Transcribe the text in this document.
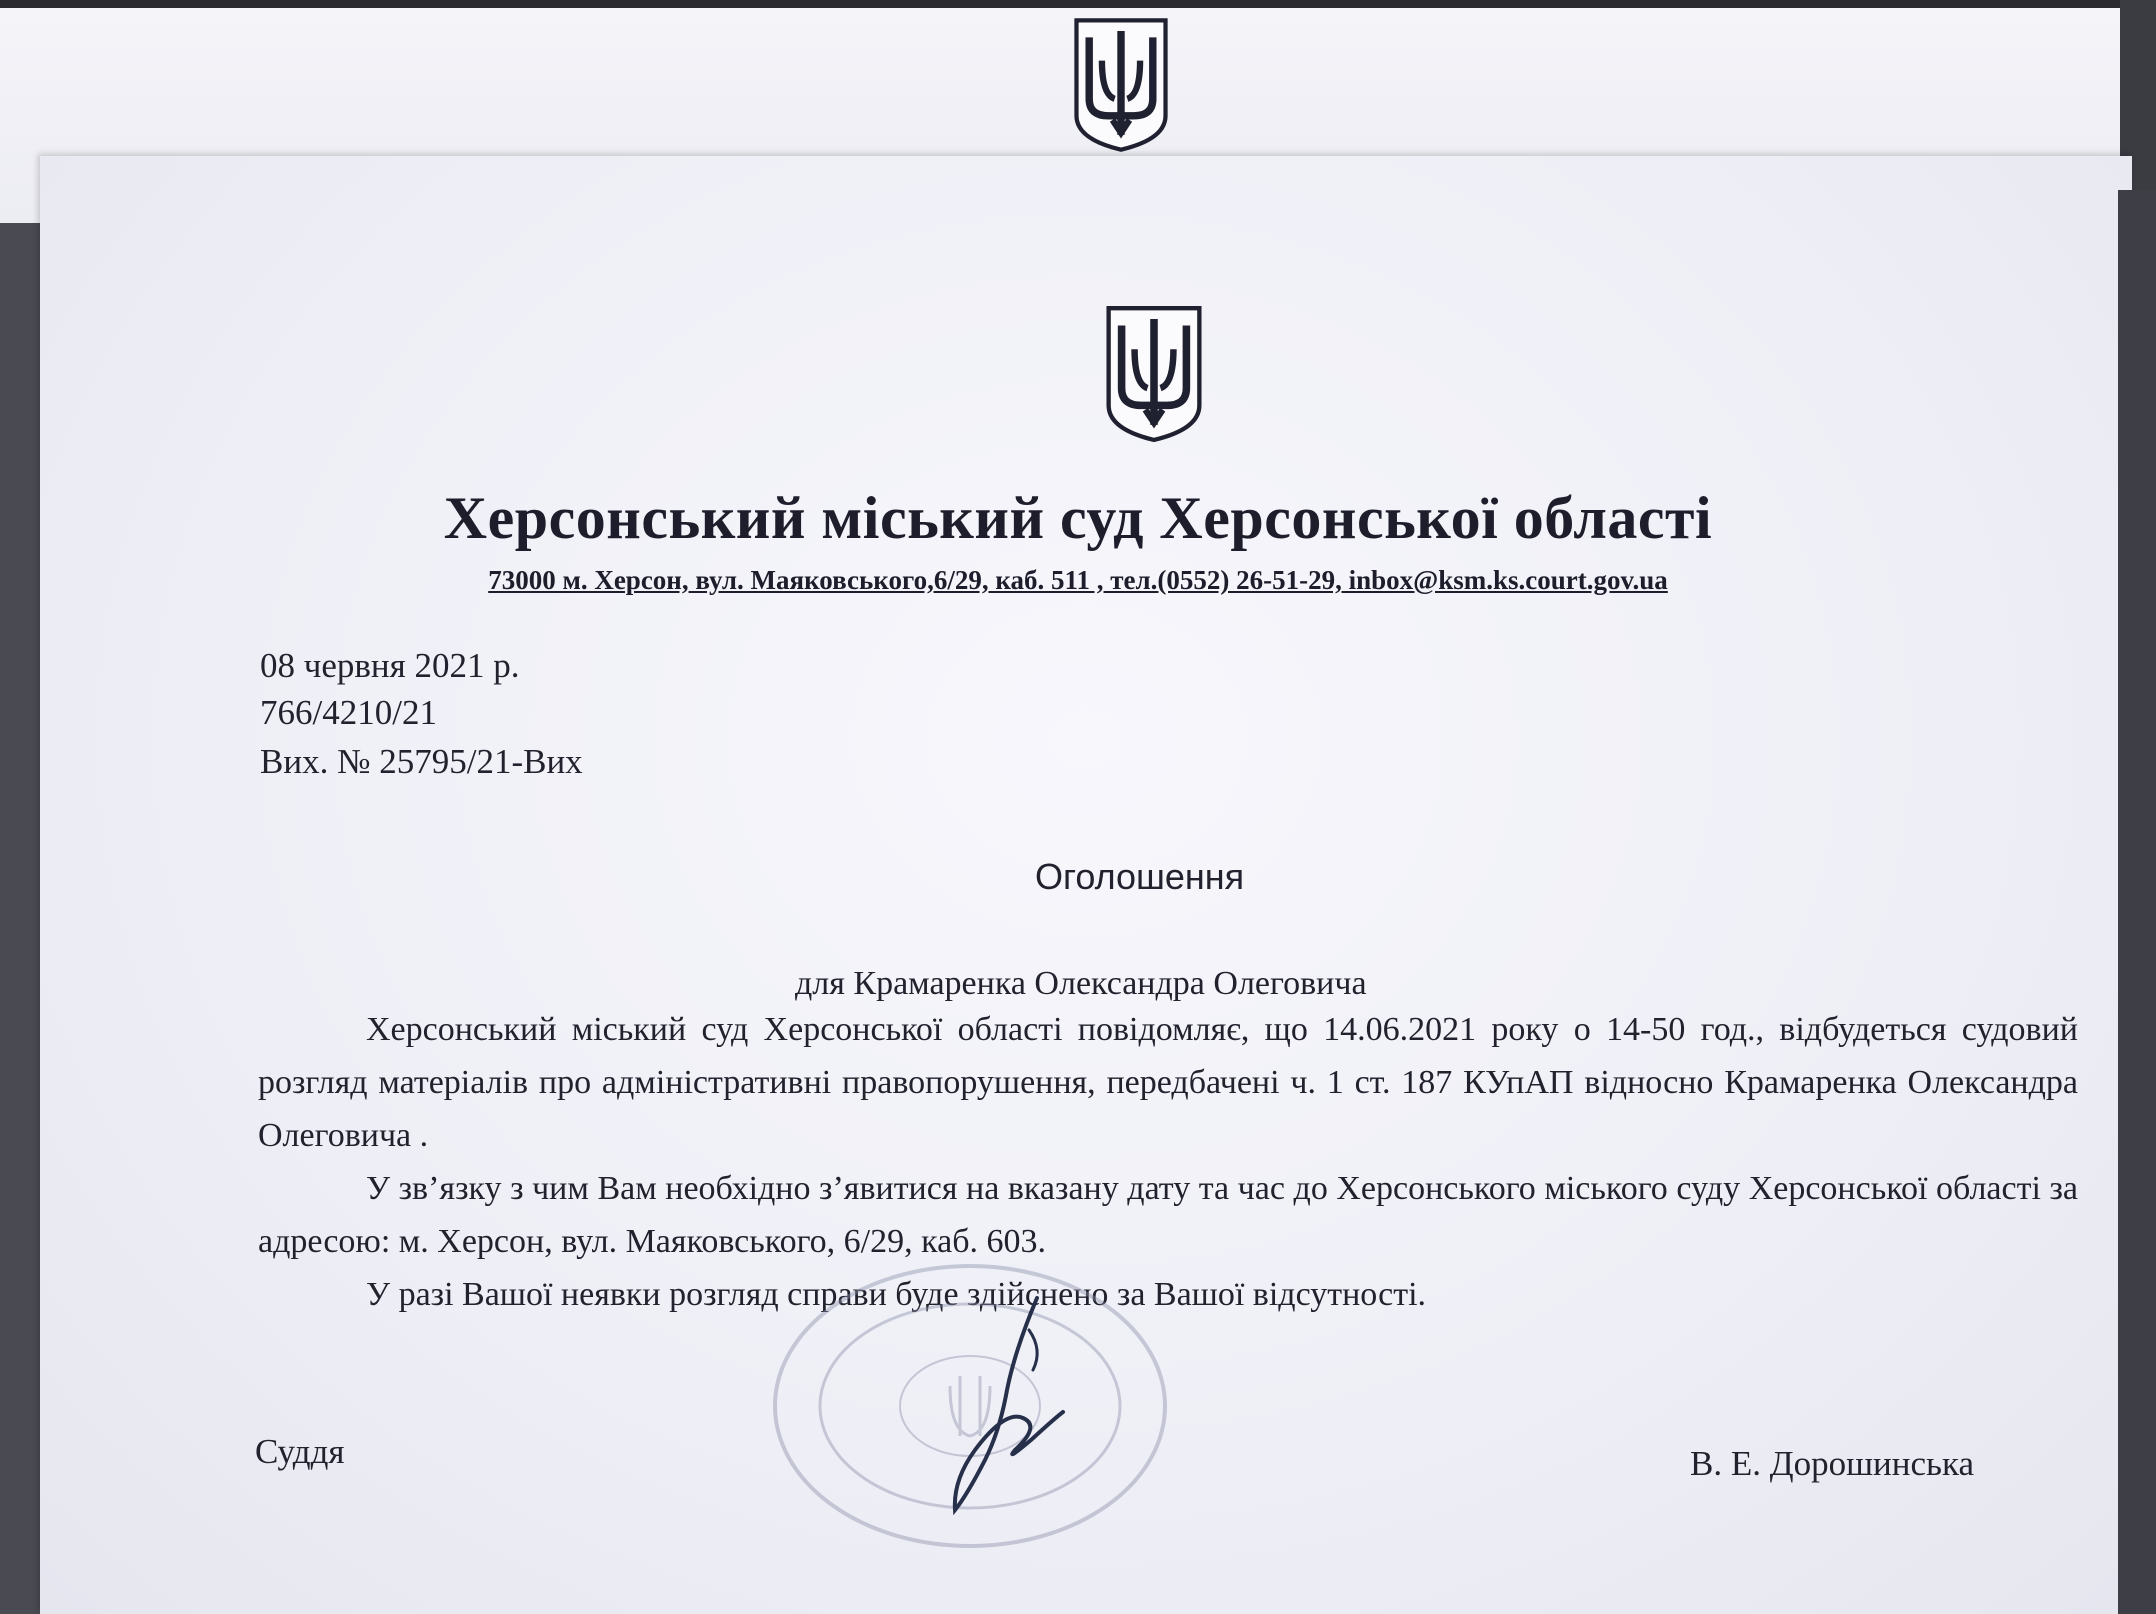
Херсонський міський суд Херсонської області
73000 м. Херсон, вул. Маяковського,6/29, каб. 511 , тел.(0552) 26-51-29, inbox@ksm.ks.court.gov.ua
08 червня 2021 р.
766/4210/21
Вих. № 25795/21-Вих
Оголошення
для Крамаренка Олександра Олеговича

Херсонський міський суд Херсонської області повідомляє, що 14.06.2021 року о 14-50 год., відбудеться судовий розгляд матеріалів про адміністративні правопорушення, передбачені ч. 1 ст. 187 КУпАП відносно Крамаренка Олександра Олеговича .

У зв’язку з чим Вам необхідно з’явитися на вказану дату та час до Херсонського міського суду Херсонської області за адресою: м. Херсон, вул. Маяковського, 6/29, каб. 603.

У разі Вашої неявки розгляд справи буде здійснено за Вашої відсутності.

Суддя	В. Е. Дорошинська
